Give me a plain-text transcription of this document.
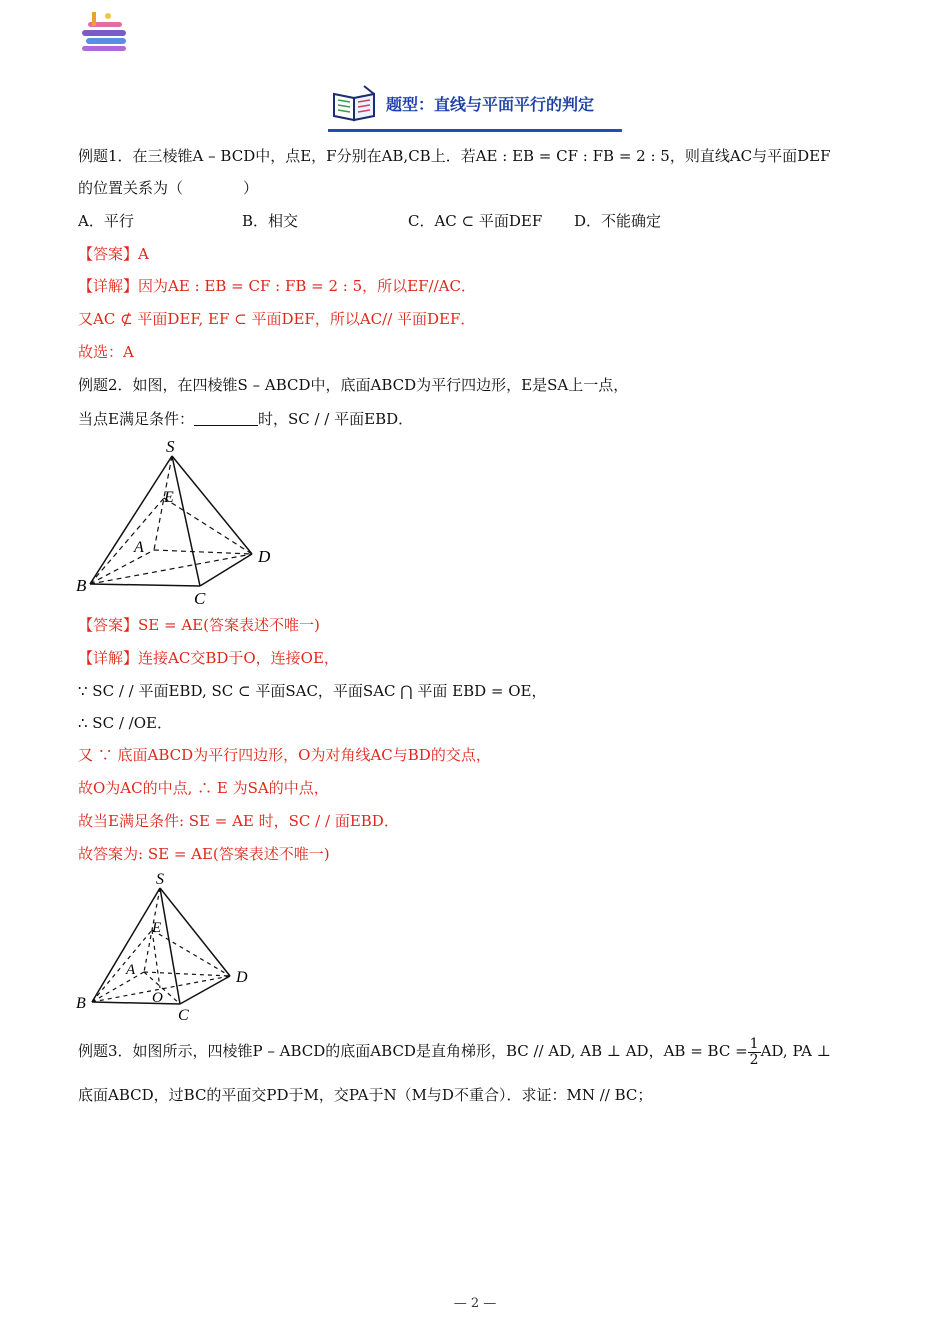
题型：直线与平面平行的判定
例题1．在三棱锥A – BCD中，点E，F分别在AB,CB上．若AE : EB = CF : FB = 2 : 5，则直线AC与平面DEF
的位置关系为（　　　　）
A．平行	B．相交	C．AC ⊂ 平面DEF D．不能确定
【答案】A
【详解】因为AE : EB = CF : FB = 2 : 5，所以EF//AC．
又AC ⊄ 平面DEF, EF ⊂ 平面DEF，所以AC// 平面DEF．
故选：A
例题2．如图，在四棱锥S – ABCD中，底面ABCD为平行四边形，E是SA上一点，
当点E满足条件：	时，SC / / 平面EBD．
S
E
A
B
C
D
【答案】SE = AE(答案表述不唯一)
【详解】连接AC交BD于O，连接OE，
∵ SC / / 平面EBD, SC ⊂ 平面SAC，平面SAC ⋂ 平面 EBD = OE，
∴ SC / /OE．
又 ∵ 底面ABCD为平行四边形，O为对角线AC与BD的交点，
故O为AC的中点, ∴ E 为SA的中点，
故当E满足条件: SE = AE 时，SC / / 面EBD．
故答案为: SE = AE(答案表述不唯一)
S
E
A
B	O
C
D
例题3．如图所示，四棱锥P – ABCD的底面ABCD是直角梯形，BC // AD, AB ⊥ AD，AB = BC = $\frac{1}{2}$ AD, PA ⊥
底面ABCD，过BC的平面交PD于M，交PA于N（M与D不重合）．求证：MN // BC；
— 2 —
